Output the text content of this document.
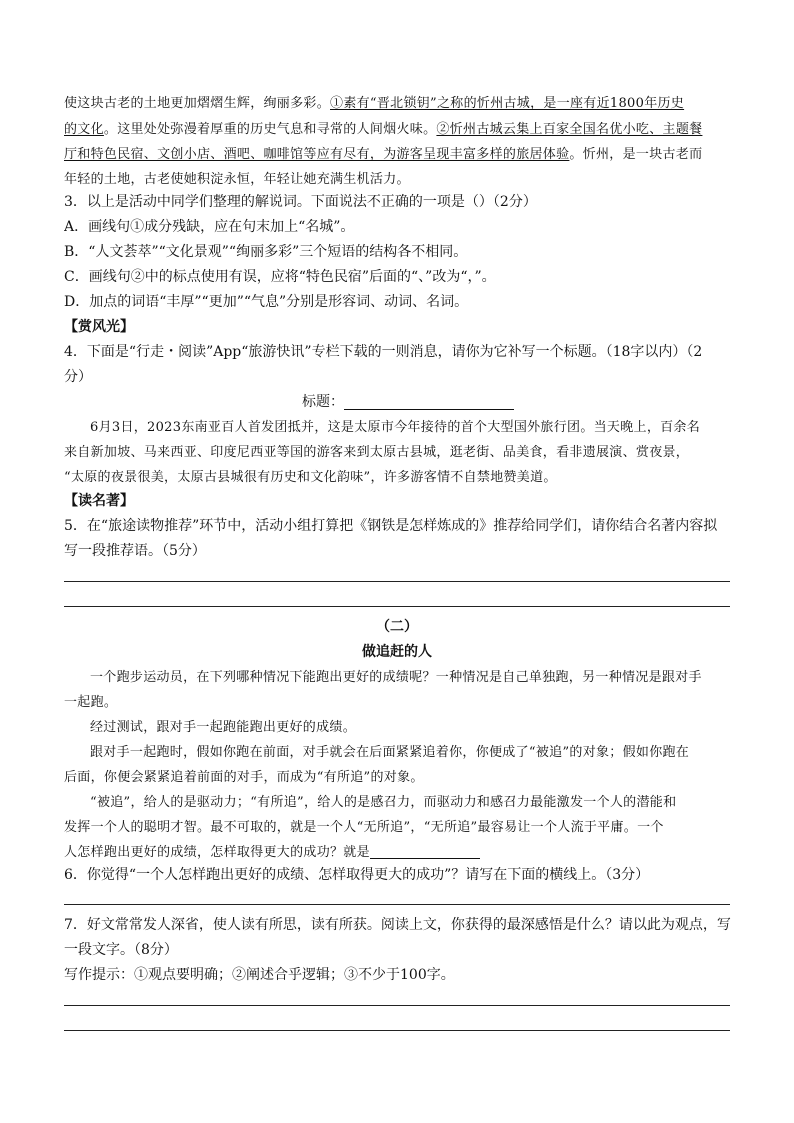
使这块古老的土地更加熠熠生辉，绚丽多彩。①素有“晋北锁钥”之称的忻州古城，是一座有近1800年历史
的文化。这里处处弥漫着厚重的历史气息和寻常的人间烟火味。②忻州古城云集上百家全国名优小吃、主题餐
厅和特色民宿、文创小店、酒吧、咖啡馆等应有尽有，为游客呈现丰富多样的旅居体验。忻州，是一块古老而
年轻的土地，古老使她积淀永恒，年轻让她充满生机活力。
3．以上是活动中同学们整理的解说词。下面说法不正确的一项是（）（2分）
A．画线句①成分残缺，应在句末加上“名城”。
B．“人文荟萃”“文化景观”“绚丽多彩”三个短语的结构各不相同。
C．画线句②中的标点使用有误，应将“特色民宿”后面的“、”改为“，”。
D．加点的词语“丰厚”“更加”“气息”分别是形容词、动词、名词。
【赏风光】
4．下面是“行走・阅读”App“旅游快讯”专栏下载的一则消息，请你为它补写一个标题。（18字以内）（2
分）
标题：
6月3日，2023东南亚百人首发团抵并，这是太原市今年接待的首个大型国外旅行团。当天晚上，百余名
来自新加坡、马来西亚、印度尼西亚等国的游客来到太原古县城，逛老街、品美食，看非遗展演、赏夜景，
“太原的夜景很美，太原古县城很有历史和文化韵味”，许多游客情不自禁地赞美道。
【读名著】
5．在“旅途读物推荐”环节中，活动小组打算把《钢铁是怎样炼成的》推荐给同学们，请你结合名著内容拟
写一段推荐语。（5分）
（二）
做追赶的人
一个跑步运动员，在下列哪种情况下能跑出更好的成绩呢？一种情况是自己单独跑，另一种情况是跟对手
一起跑。
经过测试，跟对手一起跑能跑出更好的成绩。
跟对手一起跑时，假如你跑在前面，对手就会在后面紧紧追着你，你便成了“被追”的对象；假如你跑在
后面，你便会紧紧追着前面的对手，而成为“有所追”的对象。
“被追”，给人的是驱动力；“有所追”，给人的是感召力，而驱动力和感召力最能激发一个人的潜能和
发挥一个人的聪明才智。最不可取的，就是一个人“无所追”，“无所追”最容易让一个人流于平庸。一个
人怎样跑出更好的成绩，怎样取得更大的成功？就是
6．你觉得“一个人怎样跑出更好的成绩、怎样取得更大的成功”？请写在下面的横线上。（3分）
7．好文常常发人深省，使人读有所思，读有所获。阅读上文，你获得的最深感悟是什么？请以此为观点，写
一段文字。（8分）
写作提示：①观点要明确；②阐述合乎逻辑；③不少于100字。
